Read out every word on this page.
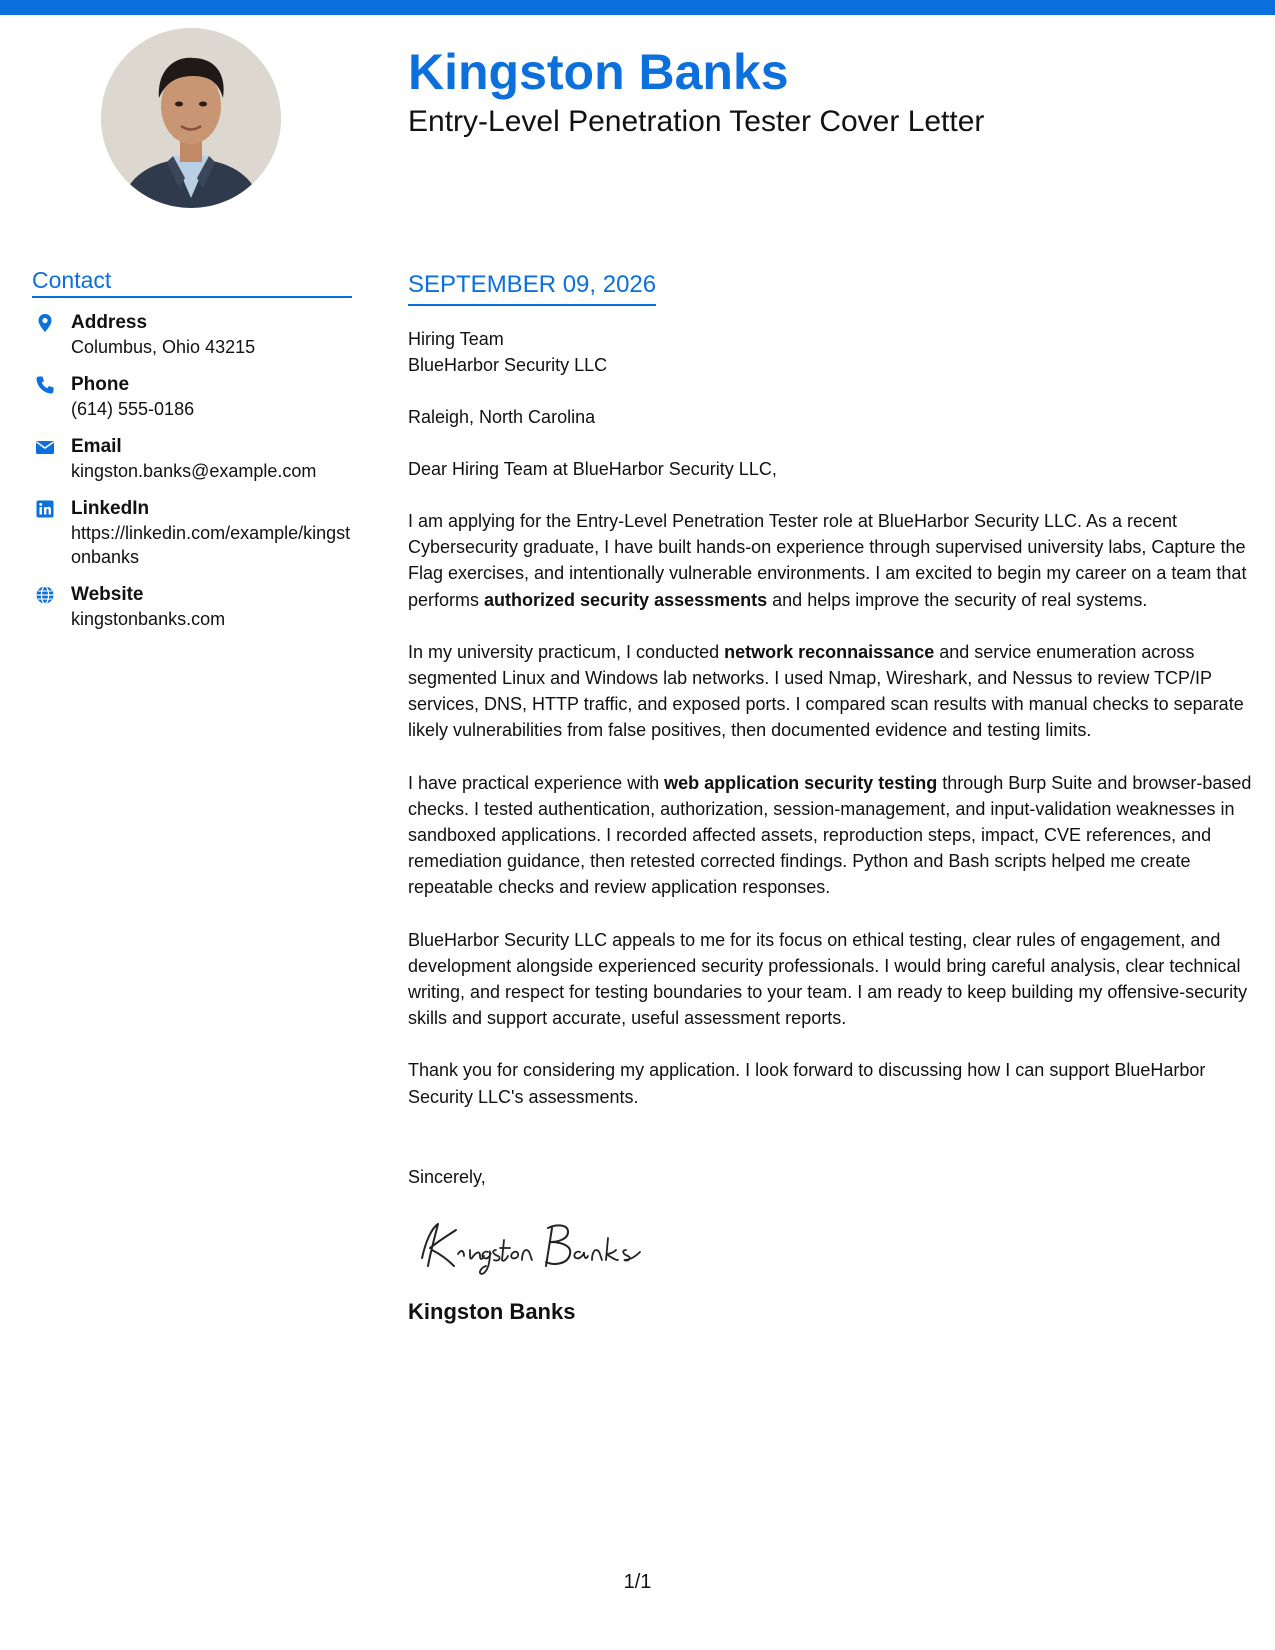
Kingston Banks
Entry-Level Penetration Tester Cover Letter
Contact
Address
Columbus, Ohio 43215
Phone
(614) 555-0186
Email
kingston.banks@example.com
LinkedIn
https://linkedin.com/example/kingstonbanks
Website
kingstonbanks.com
SEPTEMBER 09, 2026
Hiring Team
BlueHarbor Security LLC
Raleigh, North Carolina
Dear Hiring Team at BlueHarbor Security LLC,

I am applying for the Entry-Level Penetration Tester role at BlueHarbor Security LLC. As a recent Cybersecurity graduate, I have built hands-on experience through supervised university labs, Capture the Flag exercises, and intentionally vulnerable environments. I am excited to begin my career on a team that performs authorized security assessments and helps improve the security of real systems.

In my university practicum, I conducted network reconnaissance and service enumeration across segmented Linux and Windows lab networks. I used Nmap, Wireshark, and Nessus to review TCP/IP services, DNS, HTTP traffic, and exposed ports. I compared scan results with manual checks to separate likely vulnerabilities from false positives, then documented evidence and testing limits.

I have practical experience with web application security testing through Burp Suite and browser-based checks. I tested authentication, authorization, session-management, and input-validation weaknesses in sandboxed applications. I recorded affected assets, reproduction steps, impact, CVE references, and remediation guidance, then retested corrected findings. Python and Bash scripts helped me create repeatable checks and review application responses.

BlueHarbor Security LLC appeals to me for its focus on ethical testing, clear rules of engagement, and development alongside experienced security professionals. I would bring careful analysis, clear technical writing, and respect for testing boundaries to your team. I am ready to keep building my offensive-security skills and support accurate, useful assessment reports.

Thank you for considering my application. I look forward to discussing how I can support BlueHarbor Security LLC's assessments.

Sincerely,
Kingston Banks
1/1
